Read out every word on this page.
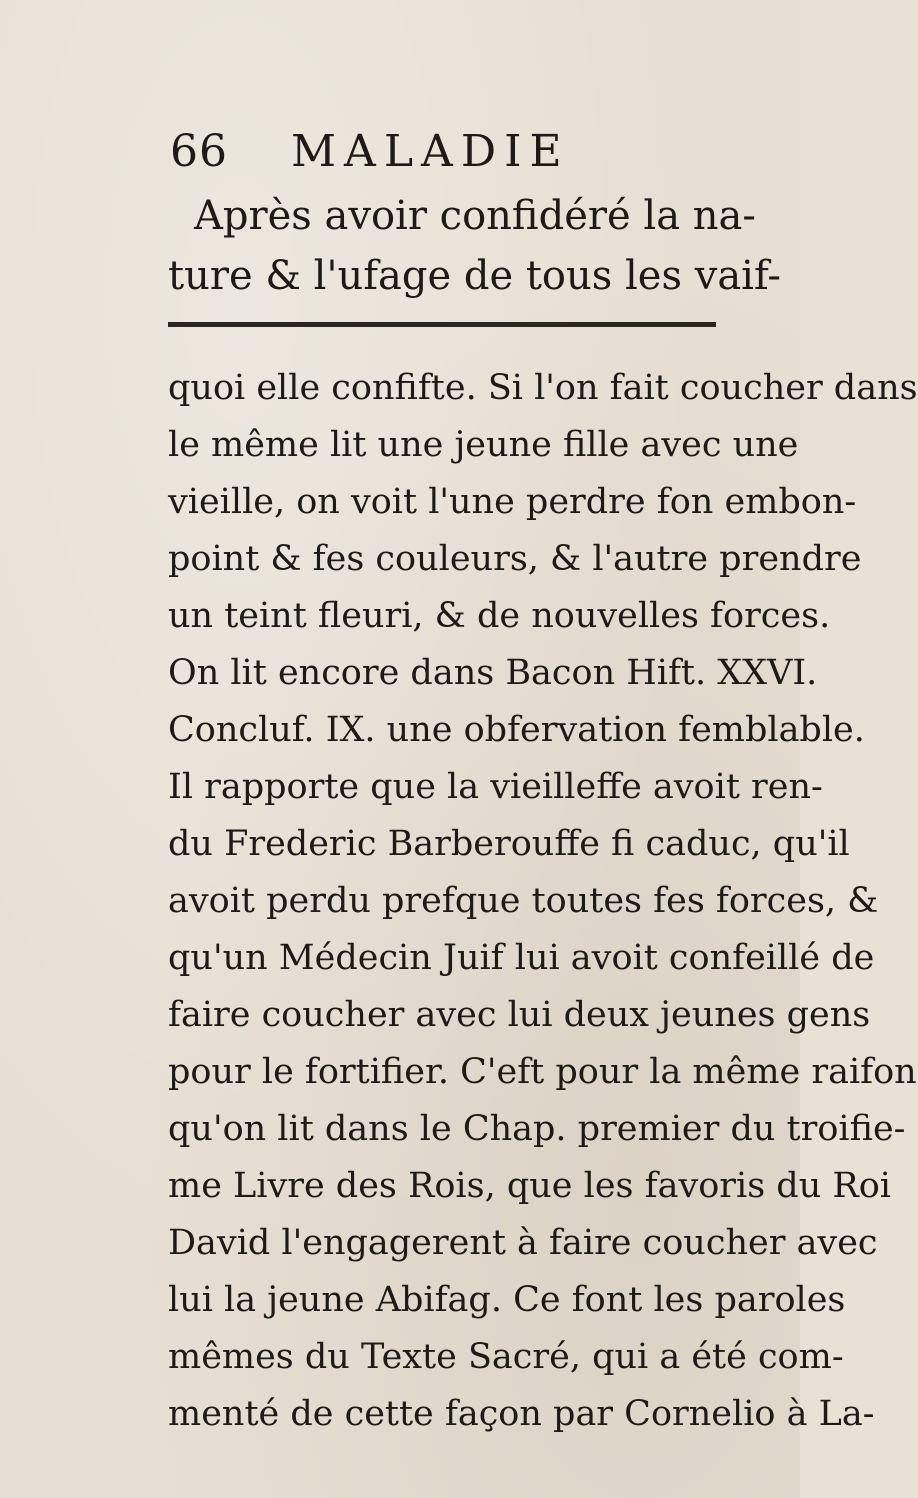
66 MALADIE
Après avoir confidéré la na-
ture & l'ufage de tous les vaif-
quoi elle confifte. Si l'on fait coucher dans
le même lit une jeune fille avec une
vieille, on voit l'une perdre fon embon-
point & fes couleurs, & l'autre prendre
un teint fleuri, & de nouvelles forces.
On lit encore dans Bacon Hift. XXVI.
Concluf. IX. une obfervation femblable.
Il rapporte que la vieilleffe avoit ren-
du Frederic Barberouffe fi caduc, qu'il
avoit perdu prefque toutes fes forces, &
qu'un Médecin Juif lui avoit confeillé de
faire coucher avec lui deux jeunes gens
pour le fortifier. C'eft pour la même raifon
qu'on lit dans le Chap. premier du troifie-
me Livre des Rois, que les favoris du Roi
David l'engagerent à faire coucher avec
lui la jeune Abifag. Ce font les paroles
mêmes du Texte Sacré, qui a été com-
menté de cette façon par Cornelio à La-
